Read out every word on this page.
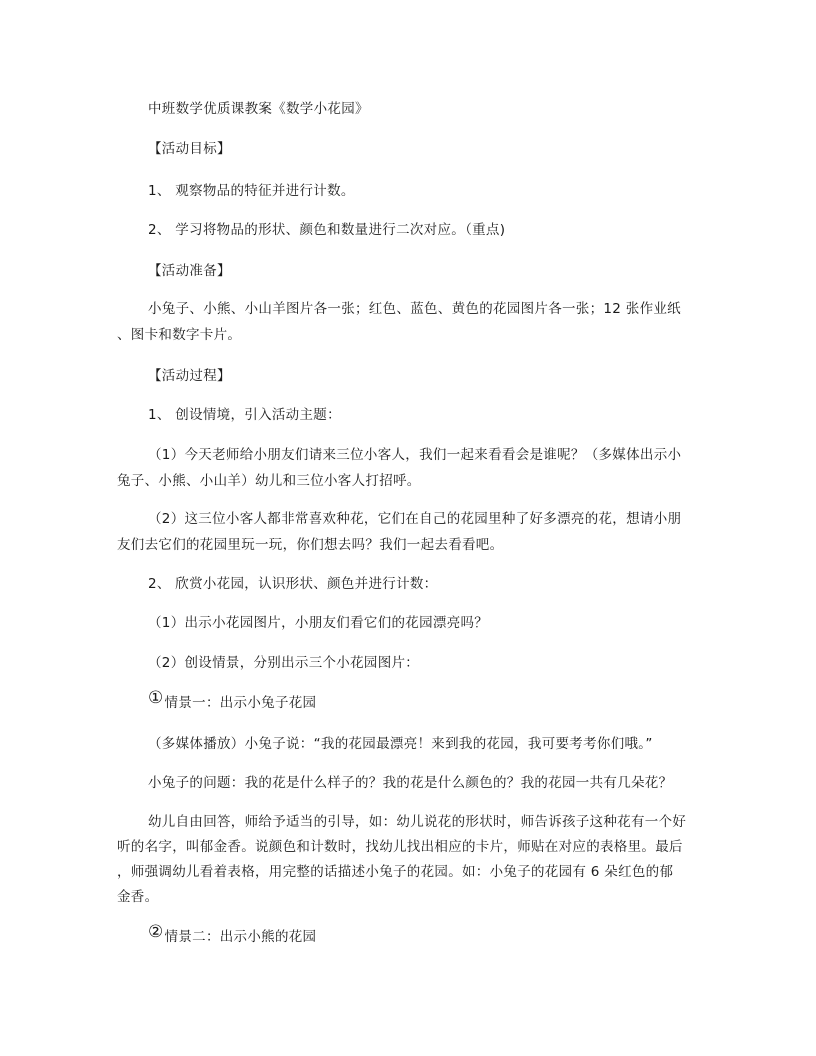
中班数学优质课教案《数学小花园》
【活动目标】
1、 观察物品的特征并进行计数。
2、 学习将物品的形状、颜色和数量进行二次对应。（重点)
【活动准备】
小兔子、小熊、小山羊图片各一张；红色、蓝色、黄色的花园图片各一张；12 张作业纸
、图卡和数字卡片。
【活动过程】
1、 创设情境，引入活动主题：
（1）今天老师给小朋友们请来三位小客人，我们一起来看看会是谁呢？（多媒体出示小
兔子、小熊、小山羊）幼儿和三位小客人打招呼。
（2）这三位小客人都非常喜欢种花，它们在自己的花园里种了好多漂亮的花，想请小朋
友们去它们的花园里玩一玩，你们想去吗？我们一起去看看吧。
2、 欣赏小花园，认识形状、颜色并进行计数：
（1）出示小花园图片，小朋友们看它们的花园漂亮吗？
（2）创设情景，分别出示三个小花园图片：
①情景一：出示小兔子花园
（多媒体播放）小兔子说：“我的花园最漂亮！来到我的花园，我可要考考你们哦。”
小兔子的问题：我的花是什么样子的？我的花是什么颜色的？我的花园一共有几朵花？
幼儿自由回答，师给予适当的引导，如：幼儿说花的形状时，师告诉孩子这种花有一个好
听的名字，叫郁金香。说颜色和计数时，找幼儿找出相应的卡片，师贴在对应的表格里。最后
，师强调幼儿看着表格，用完整的话描述小兔子的花园。如：小兔子的花园有 6 朵红色的郁
金香。
②情景二：出示小熊的花园
